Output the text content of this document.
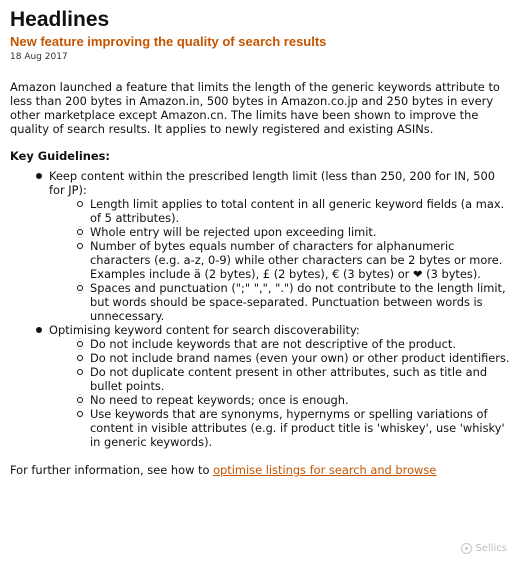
Headlines
New feature improving the quality of search results
18 Aug 2017

Amazon launched a feature that limits the length of the generic keywords attribute to less than 200 bytes in Amazon.in, 500 bytes in Amazon.co.jp and 250 bytes in every other marketplace except Amazon.cn. The limits have been shown to improve the quality of search results. It applies to newly registered and existing ASINs.

Key Guidelines:
Keep content within the prescribed length limit (less than 250, 200 for IN, 500 for JP):
Length limit applies to total content in all generic keyword fields (a max. of 5 attributes).
Whole entry will be rejected upon exceeding limit.
Number of bytes equals number of characters for alphanumeric characters (e.g. a-z, 0-9) while other characters can be 2 bytes or more. Examples include ä (2 bytes), £ (2 bytes), € (3 bytes) or ❤ (3 bytes).
Spaces and punctuation (";" ",", ".") do not contribute to the length limit, but words should be space-separated. Punctuation between words is unnecessary.
Optimising keyword content for search discoverability:
Do not include keywords that are not descriptive of the product.
Do not include brand names (even your own) or other product identifiers.
Do not duplicate content present in other attributes, such as title and bullet points.
No need to repeat keywords; once is enough.
Use keywords that are synonyms, hypernyms or spelling variations of content in visible attributes (e.g. if product title is 'whiskey', use 'whisky' in generic keywords).

For further information, see how to optimise listings for search and browse

Sellics
